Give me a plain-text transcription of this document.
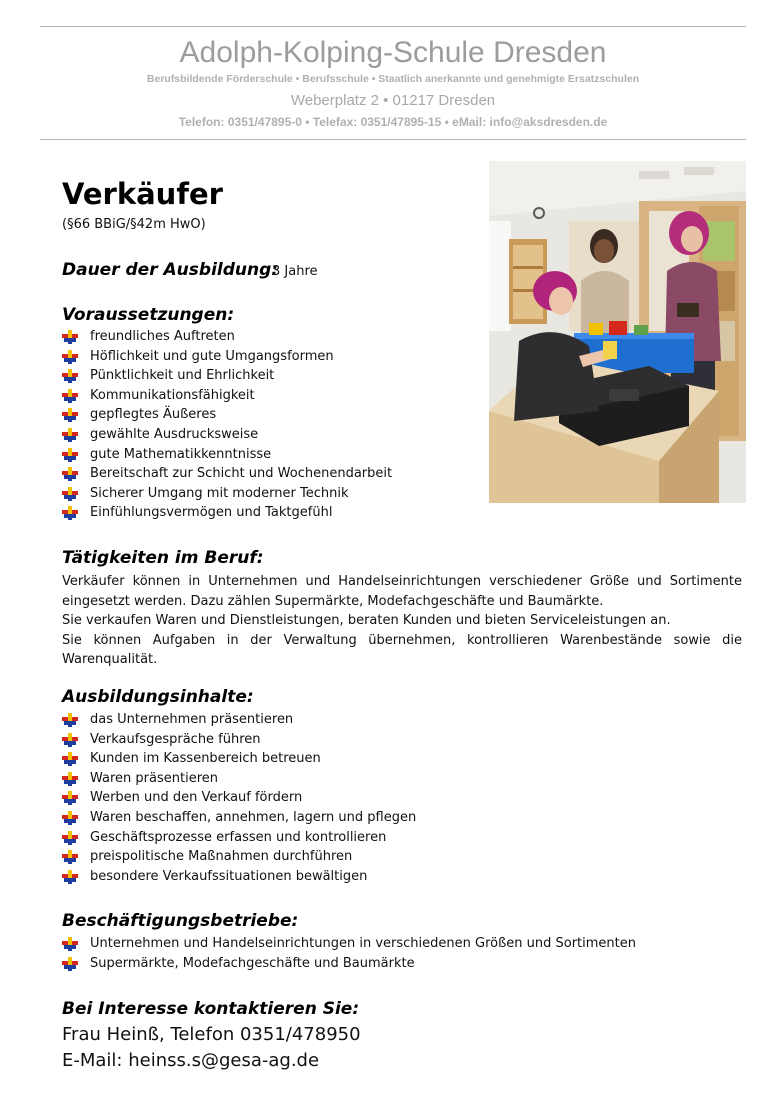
Adolph-Kolping-Schule Dresden
Berufsbildende Förderschule • Berufsschule • Staatlich anerkannte und genehmigte Ersatzschulen
Weberplatz 2 • 01217 Dresden
Telefon: 0351/47895-0 • Telefax: 0351/47895-15 • eMail: info@aksdresden.de
Verkäufer
(§66 BBiG/§42m HwO)
Dauer der Ausbildung:
3 Jahre
Voraussetzungen:
freundliches Auftreten
Höflichkeit und gute Umgangsformen
Pünktlichkeit und Ehrlichkeit
Kommunikationsfähigkeit
gepflegtes Äußeres
gewählte Ausdrucksweise
gute Mathematikkenntnisse
Bereitschaft zur Schicht und Wochenendarbeit
Sicherer Umgang mit moderner Technik
Einfühlungsvermögen und Taktgefühl
Tätigkeiten im Beruf:

Verkäufer können in Unternehmen und Handelseinrichtungen verschiedener Größe und Sortimente eingesetzt werden. Dazu zählen Supermärkte, Modefachgeschäfte und Baumärkte.

Sie verkaufen Waren und Dienstleistungen, beraten Kunden und bieten Serviceleistungen an.

Sie können Aufgaben in der Verwaltung übernehmen, kontrollieren Warenbestände sowie die Warenqualität.

Ausbildungsinhalte:
das Unternehmen präsentieren
Verkaufsgespräche führen
Kunden im Kassenbereich betreuen
Waren präsentieren
Werben und den Verkauf fördern
Waren beschaffen, annehmen, lagern und pflegen
Geschäftsprozesse erfassen und kontrollieren
preispolitische Maßnahmen durchführen
besondere Verkaufssituationen bewältigen
Beschäftigungsbetriebe:
Unternehmen und Handelseinrichtungen in verschiedenen Größen und Sortimenten
Supermärkte, Modefachgeschäfte und Baumärkte
Bei Interesse kontaktieren Sie:
Frau Heinß, Telefon 0351/478950
E-Mail: heinss.s@gesa-ag.de
